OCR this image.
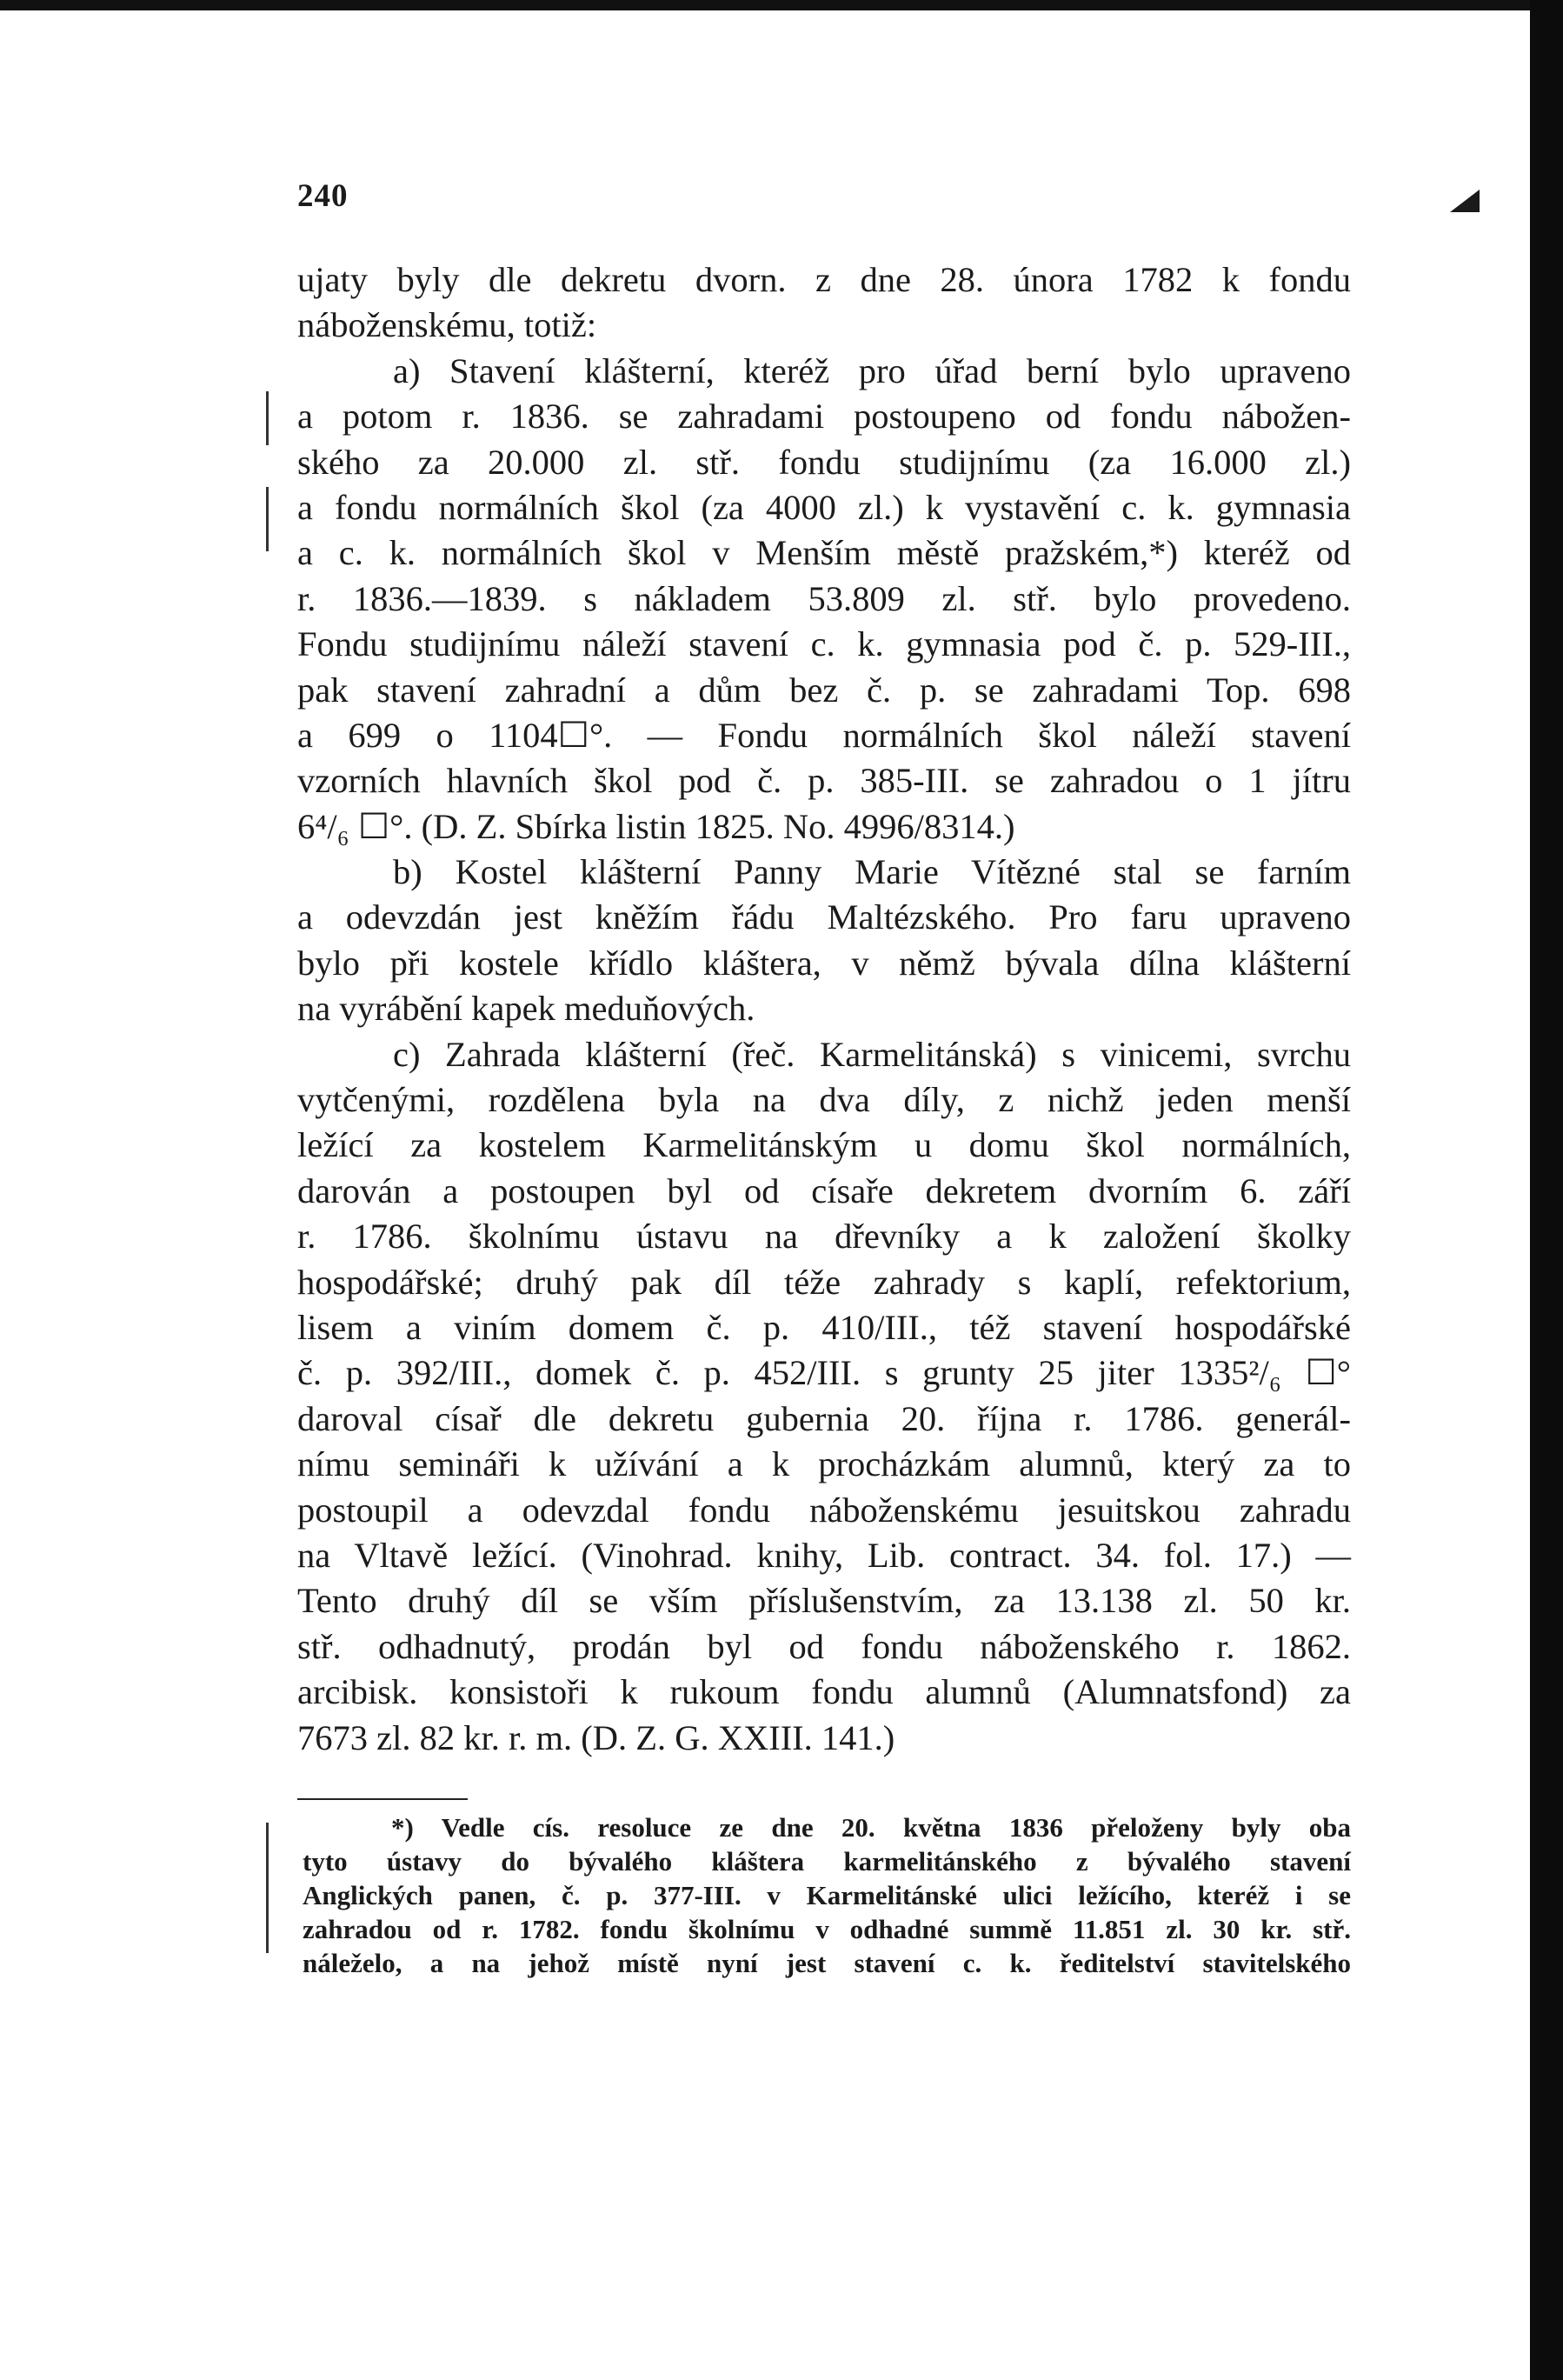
240
ujaty byly dle dekretu dvorn. z dne 28. února 1782 k fondu
náboženskému, totiž:
a) Stavení klášterní, kteréž pro úřad berní bylo upraveno
a potom r. 1836. se zahradami postoupeno od fondu nábožen-
ského za 20.000 zl. stř. fondu studijnímu (za 16.000 zl.)
a fondu normálních škol (za 4000 zl.) k vystavění c. k. gymnasia
a c. k. normálních škol v Menším městě pražském,*) kteréž od
r. 1836.—1839. s nákladem 53.809 zl. stř. bylo provedeno.
Fondu studijnímu náleží stavení c. k. gymnasia pod č. p. 529-III.,
pak stavení zahradní a dům bez č. p. se zahradami Top. 698
a 699 o 1104☐°. — Fondu normálních škol náleží stavení
vzorních hlavních škol pod č. p. 385-III. se zahradou o 1 jítru
6⁴/₆ ☐°. (D. Z. Sbírka listin 1825. No. 4996/8314.)
b) Kostel klášterní Panny Marie Vítězné stal se farním
a odevzdán jest kněžím řádu Maltézského. Pro faru upraveno
bylo při kostele křídlo kláštera, v němž bývala dílna klášterní
na vyrábění kapek meduňových.
c) Zahrada klášterní (řeč. Karmelitánská) s vinicemi, svrchu
vytčenými, rozdělena byla na dva díly, z nichž jeden menší
ležící za kostelem Karmelitánským u domu škol normálních,
darován a postoupen byl od císaře dekretem dvorním 6. září
r. 1786. školnímu ústavu na dřevníky a k založení školky
hospodářské; druhý pak díl téže zahrady s kaplí, refektorium,
lisem a viním domem č. p. 410/III., též stavení hospodářské
č. p. 392/III., domek č. p. 452/III. s grunty 25 jiter 1335²/₆ ☐°
daroval císař dle dekretu gubernia 20. října r. 1786. generál-
nímu semináři k užívání a k procházkám alumnů, který za to
postoupil a odevzdal fondu náboženskému jesuitskou zahradu
na Vltavě ležící. (Vinohrad. knihy, Lib. contract. 34. fol. 17.) —
Tento druhý díl se vším příslušenstvím, za 13.138 zl. 50 kr.
stř. odhadnutý, prodán byl od fondu náboženského r. 1862.
arcibisk. konsistoři k rukoum fondu alumnů (Alumnatsfond) za
7673 zl. 82 kr. r. m. (D. Z. G. XXIII. 141.)
*) Vedle cís. resoluce ze dne 20. května 1836 přeloženy byly oba
tyto ústavy do bývalého kláštera karmelitánského z bývalého stavení
Anglických panen, č. p. 377-III. v Karmelitánské ulici ležícího, kteréž i se
zahradou od r. 1782. fondu školnímu v odhadné summě 11.851 zl. 30 kr. stř.
náleželo, a na jehož místě nyní jest stavení c. k. ředitelství stavitelského
